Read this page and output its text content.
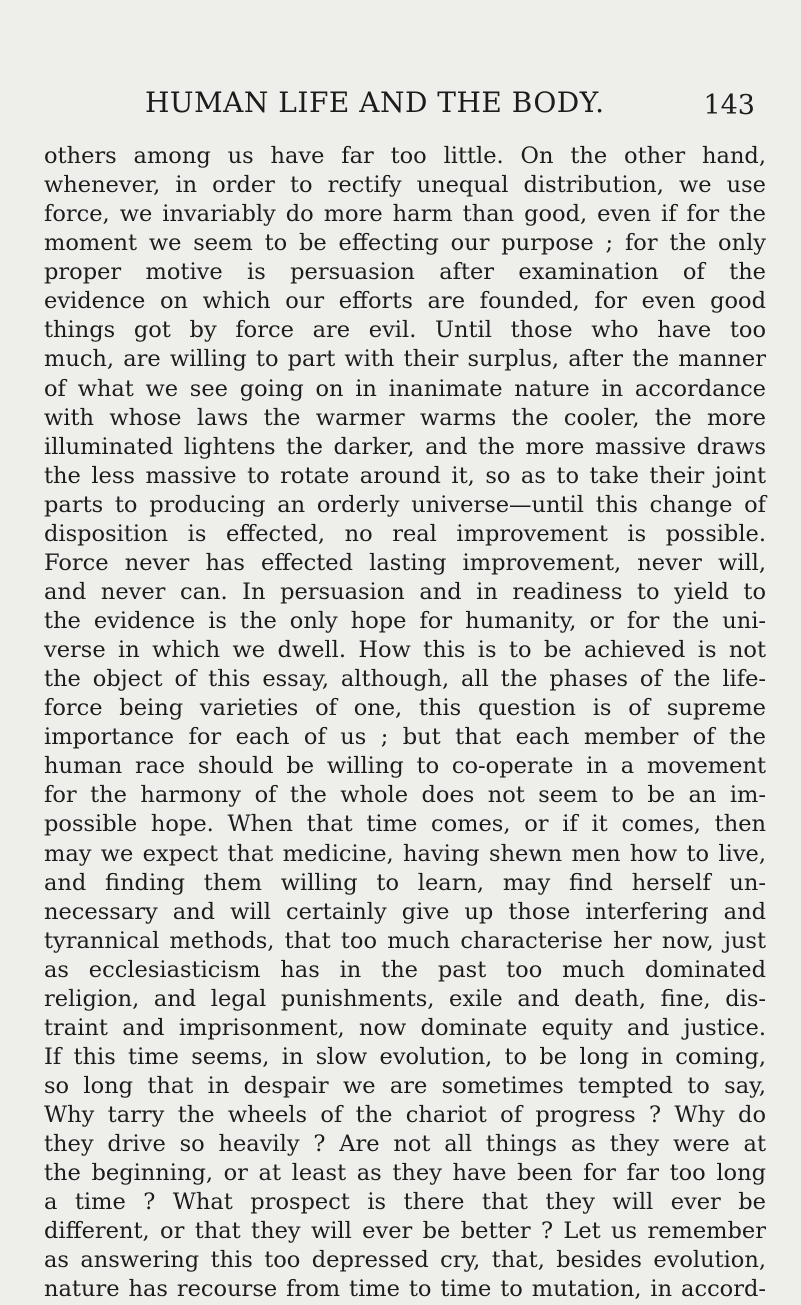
HUMAN LIFE AND THE BODY.	143
others among us have far too little. On the other hand,
whenever, in order to rectify unequal distribution, we use
force, we invariably do more harm than good, even if for the
moment we seem to be effecting our purpose ; for the only
proper motive is persuasion after examination of the
evidence on which our efforts are founded, for even good
things got by force are evil. Until those who have too
much, are willing to part with their surplus, after the manner
of what we see going on in inanimate nature in accordance
with whose laws the warmer warms the cooler, the more
illuminated lightens the darker, and the more massive draws
the less massive to rotate around it, so as to take their joint
parts to producing an orderly universe—until this change of
disposition is effected, no real improvement is possible.
Force never has effected lasting improvement, never will,
and never can. In persuasion and in readiness to yield to
the evidence is the only hope for humanity, or for the uni-
verse in which we dwell. How this is to be achieved is not
the object of this essay, although, all the phases of the life-
force being varieties of one, this question is of supreme
importance for each of us ; but that each member of the
human race should be willing to co-operate in a movement
for the harmony of the whole does not seem to be an im-
possible hope. When that time comes, or if it comes, then
may we expect that medicine, having shewn men how to live,
and finding them willing to learn, may find herself un-
necessary and will certainly give up those interfering and
tyrannical methods, that too much characterise her now, just
as ecclesiasticism has in the past too much dominated
religion, and legal punishments, exile and death, fine, dis-
traint and imprisonment, now dominate equity and justice.
If this time seems, in slow evolution, to be long in coming,
so long that in despair we are sometimes tempted to say,
Why tarry the wheels of the chariot of progress ? Why do
they drive so heavily ? Are not all things as they were at
the beginning, or at least as they have been for far too long
a time ? What prospect is there that they will ever be
different, or that they will ever be better ? Let us remember
as answering this too depressed cry, that, besides evolution,
nature has recourse from time to time to mutation, in accord-
